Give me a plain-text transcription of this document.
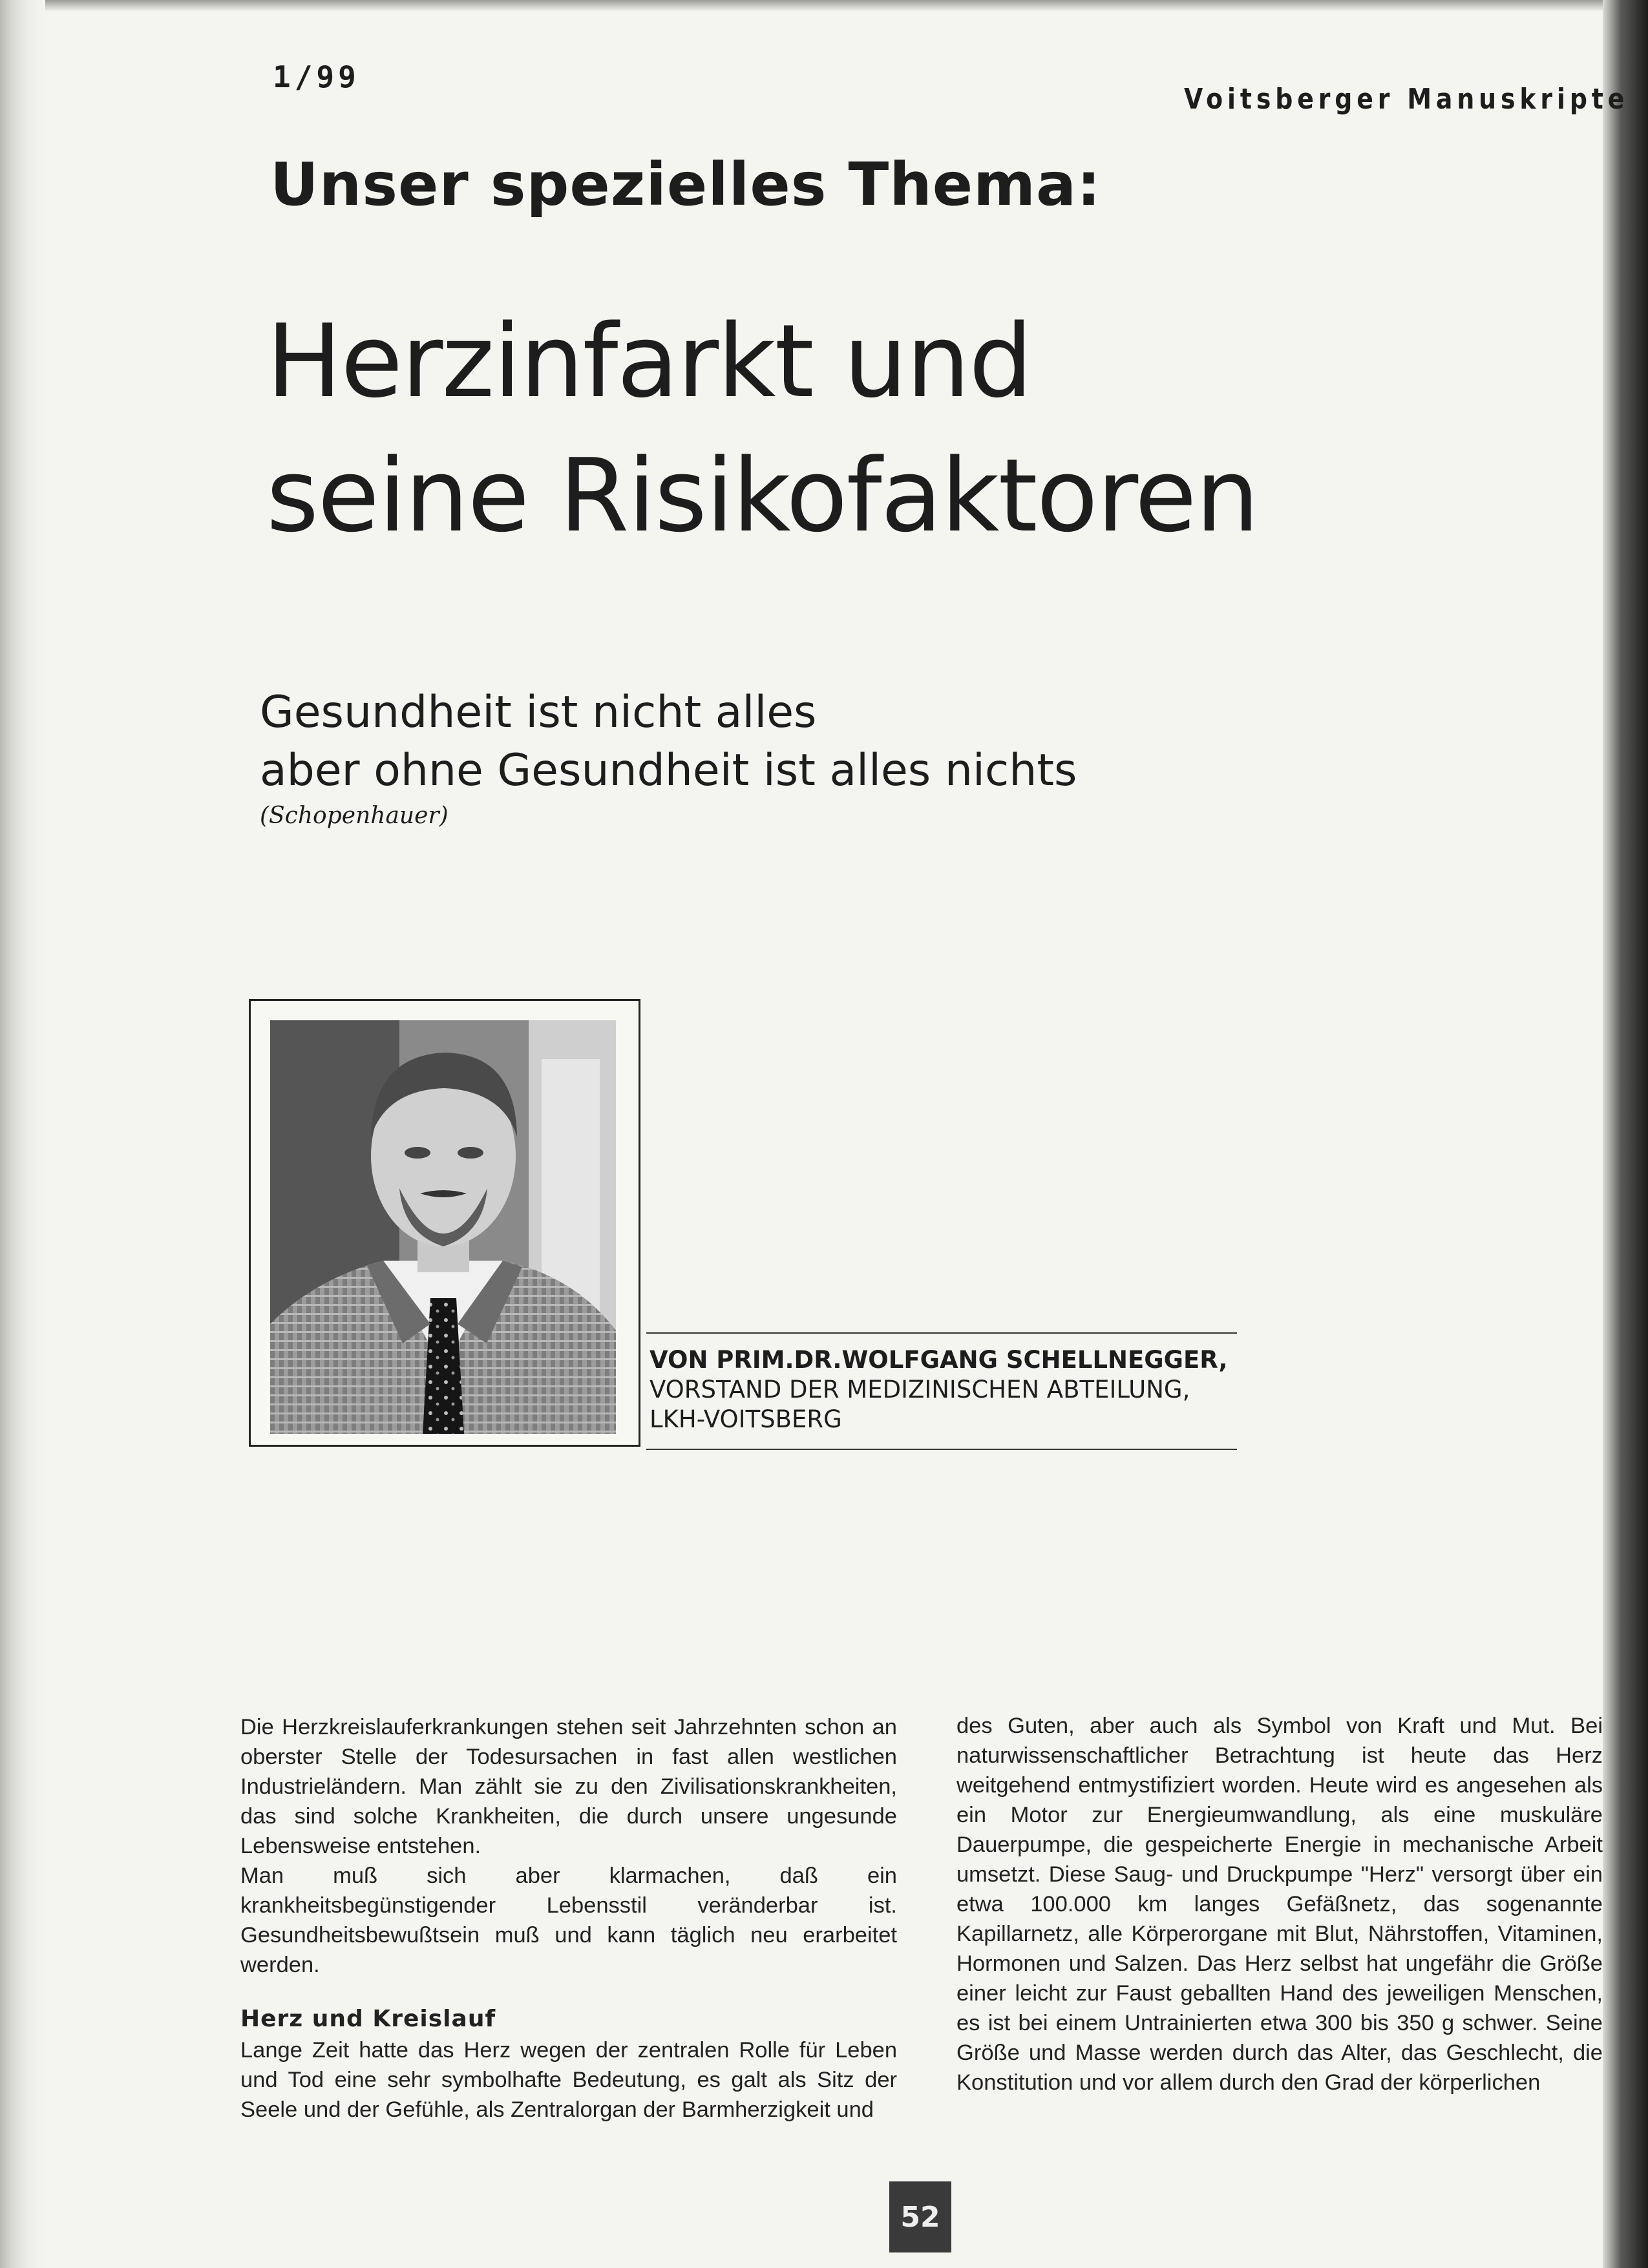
1/99
Voitsberger Manuskripte
Unser spezielles Thema:
Herzinfarkt und
seine Risikofaktoren
Gesundheit ist nicht alles
aber ohne Gesundheit ist alles nichts
(Schopenhauer)
VON PRIM.DR.WOLFGANG SCHELLNEGGER,
VORSTAND DER MEDIZINISCHEN ABTEILUNG,
LKH-VOITSBERG

Die Herzkreislauferkrankungen stehen seit Jahrzehnten schon an oberster Stelle der Todesursachen in fast allen westlichen Industrieländern. Man zählt sie zu den Zivilisationskrankheiten, das sind solche Krankheiten, die durch unsere ungesunde Lebensweise entstehen.

Man muß sich aber klarmachen, daß ein krankheitsbegünstigender Lebensstil veränderbar ist. Gesundheitsbewußtsein muß und kann täglich neu erarbeitet werden.

Herz und Kreislauf

Lange Zeit hatte das Herz wegen der zentralen Rolle für Leben und Tod eine sehr symbolhafte Bedeutung, es galt als Sitz der Seele und der Gefühle, als Zentralorgan der Barmherzigkeit und

des Guten, aber auch als Symbol von Kraft und Mut. Bei naturwissenschaftlicher Betrachtung ist heute das Herz weitgehend entmystifiziert worden. Heute wird es angesehen als ein Motor zur Energieumwandlung, als eine muskuläre Dauerpumpe, die gespeicherte Energie in mechanische Arbeit umsetzt. Diese Saug- und Druckpumpe "Herz" versorgt über ein etwa 100.000 km langes Gefäßnetz, das sogenannte Kapillarnetz, alle Körperorgane mit Blut, Nährstoffen, Vitaminen, Hormonen und Salzen. Das Herz selbst hat ungefähr die Größe einer leicht zur Faust geballten Hand des jeweiligen Menschen, es ist bei einem Untrainierten etwa 300 bis 350 g schwer. Seine Größe und Masse werden durch das Alter, das Geschlecht, die Konstitution und vor allem durch den Grad der körperlichen

52
